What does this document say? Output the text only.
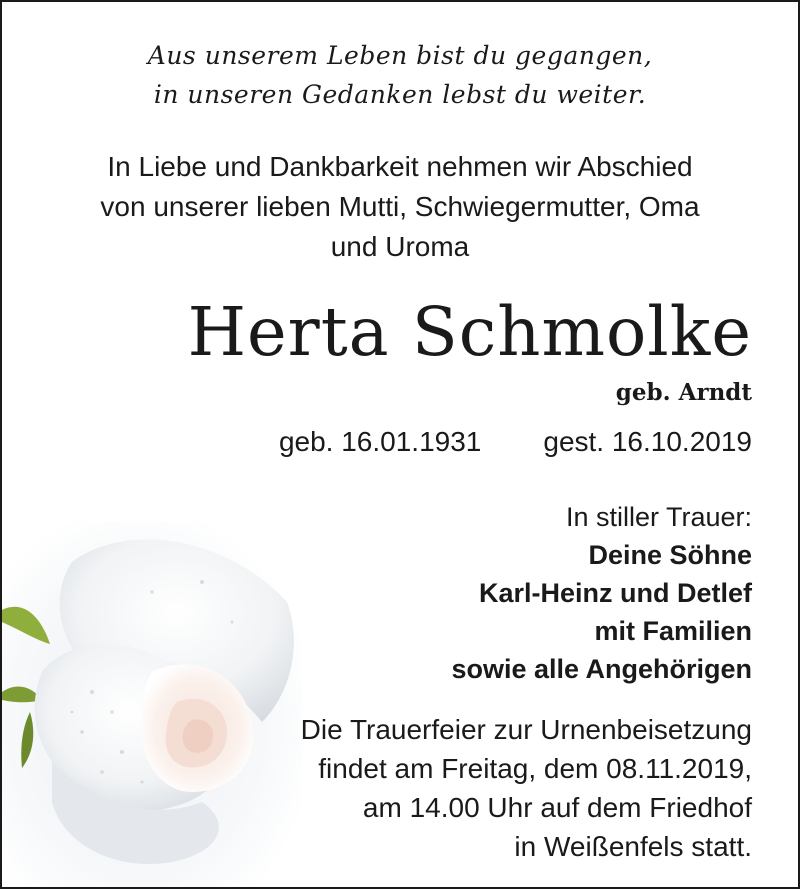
Aus unserem Leben bist du gegangen,
in unseren Gedanken lebst du weiter.
In Liebe und Dankbarkeit nehmen wir Abschied
von unserer lieben Mutti, Schwiegermutter, Oma
und Uroma
Herta Schmolke
geb. Arndt
geb. 16.01.1931 gest. 16.10.2019
In stiller Trauer:
Deine Söhne
Karl-Heinz und Detlef
mit Familien
sowie alle Angehörigen
Die Trauerfeier zur Urnenbeisetzung
findet am Freitag, dem 08.11.2019,
am 14.00 Uhr auf dem Friedhof
in Weißenfels statt.
